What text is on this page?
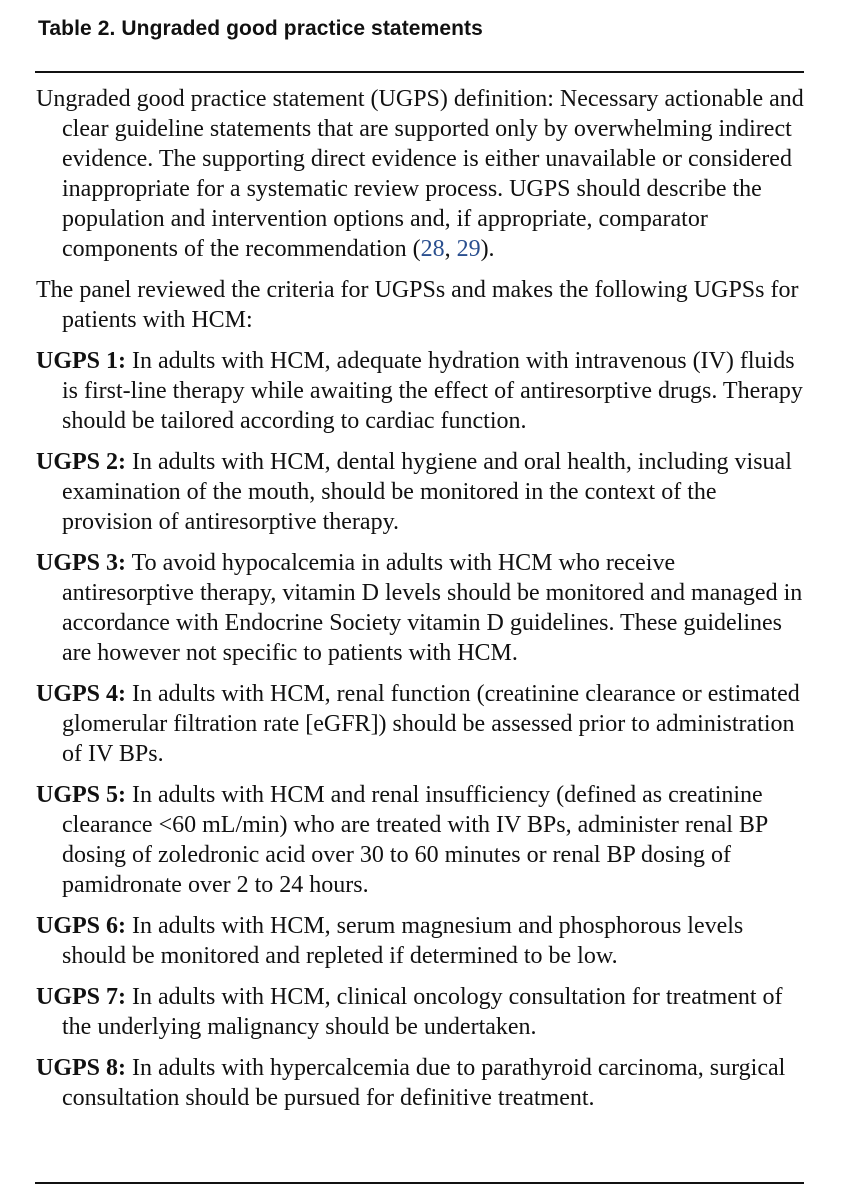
Table 2. Ungraded good practice statements

Ungraded good practice statement (UGPS) definition: Necessary actionable and clear guideline statements that are supported only by overwhelming indirect evidence. The supporting direct evidence is either unavailable or considered inappropriate for a systematic review process. UGPS should describe the population and intervention options and, if appropriate, comparator components of the recommendation (28, 29).

The panel reviewed the criteria for UGPSs and makes the following UGPSs for patients with HCM:

UGPS 1: In adults with HCM, adequate hydration with intravenous (IV) fluids is first-line therapy while awaiting the effect of antiresorptive drugs. Therapy should be tailored according to cardiac function.

UGPS 2: In adults with HCM, dental hygiene and oral health, including visual examination of the mouth, should be monitored in the context of the provision of antiresorptive therapy.

UGPS 3: To avoid hypocalcemia in adults with HCM who receive antiresorptive therapy, vitamin D levels should be monitored and managed in accordance with Endocrine Society vitamin D guidelines. These guidelines are however not specific to patients with HCM.

UGPS 4: In adults with HCM, renal function (creatinine clearance or estimated glomerular filtration rate [eGFR]) should be assessed prior to administration of IV BPs.

UGPS 5: In adults with HCM and renal insufficiency (defined as creatinine clearance <60 mL/min) who are treated with IV BPs, administer renal BP dosing of zoledronic acid over 30 to 60 minutes or renal BP dosing of pamidronate over 2 to 24 hours.

UGPS 6: In adults with HCM, serum magnesium and phosphorous levels should be monitored and repleted if determined to be low.

UGPS 7: In adults with HCM, clinical oncology consultation for treatment of the underlying malignancy should be undertaken.

UGPS 8: In adults with hypercalcemia due to parathyroid carcinoma, surgical consultation should be pursued for definitive treatment.
